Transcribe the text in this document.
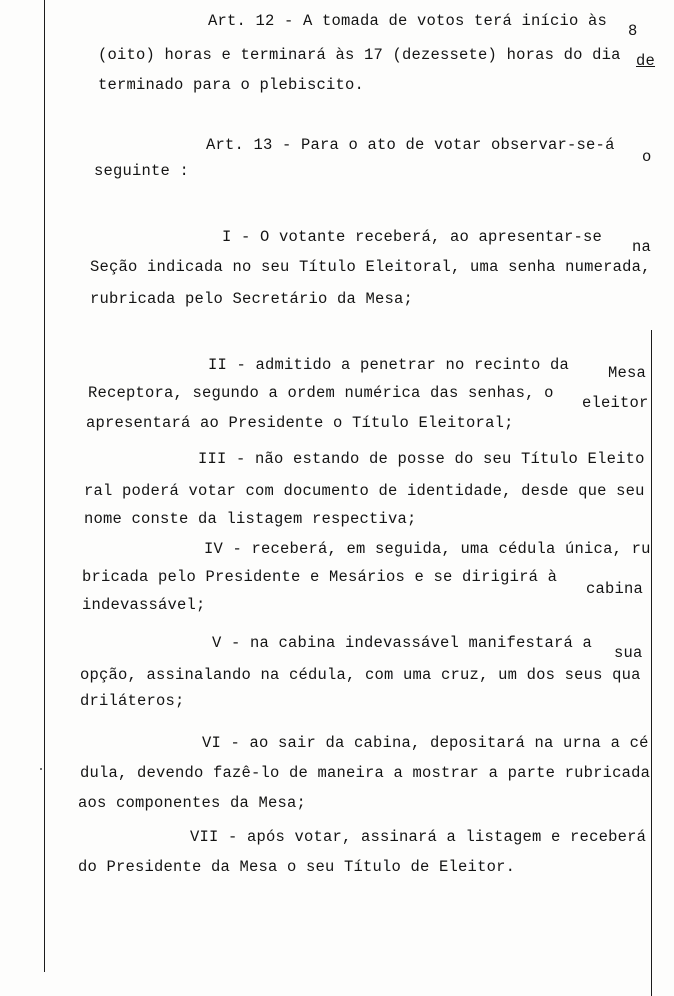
Art. 12 - A tomada de votos terá início às
8
(oito) horas e terminará às 17 (dezessete) horas do dia de
terminado para o plebiscito.
Art. 13 - Para o ato de votar observar-se-á
o
seguinte :
I - O votante receberá, ao apresentar-se
na
Seção indicada no seu Título Eleitoral, uma senha numerada,
rubricada pelo Secretário da Mesa;
II - admitido a penetrar no recinto da	Mesa
Receptora, segundo a ordem numérica das senhas, o
eleitor
apresentará ao Presidente o Título Eleitoral;
III - não estando de posse do seu Título Eleito
ral poderá votar com documento de identidade, desde que seu
nome conste da listagem respectiva;
IV - receberá, em seguida, uma cédula única, ru
bricada pelo Presidente e Mesários e se dirigirá à
cabina
indevassável;
V - na cabina indevassável manifestará a
sua
opção, assinalando na cédula, com uma cruz, um dos seus qua
driláteros;
VI - ao sair da cabina, depositará na urna a cé
dula, devendo fazê-lo de maneira a mostrar a parte rubricada
aos componentes da Mesa;
VII - após votar, assinará a listagem e receberá
do Presidente da Mesa o seu Título de Eleitor.
